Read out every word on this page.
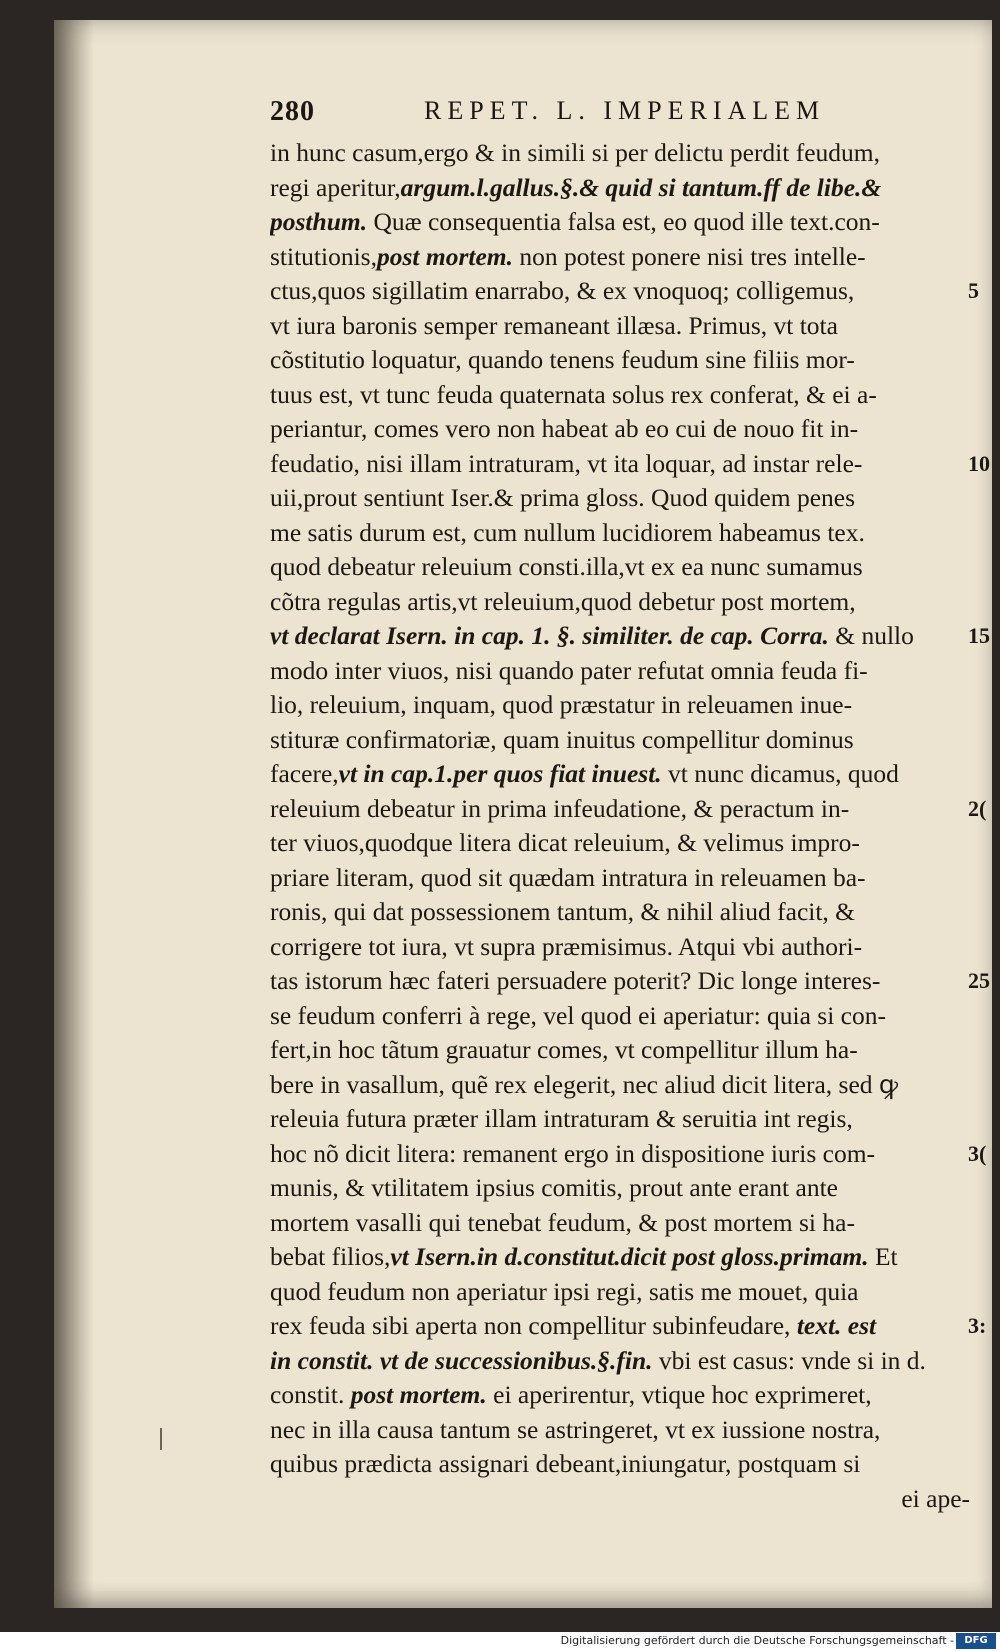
280	REPET. L. IMPERIALEM
in hunc casum,ergo & in simili si per delictu perdit feudum,
regi aperitur,argum.l.gallus.§.& quid si tantum.ff de libe.&
posthum. Quæ consequentia falsa est, eo quod ille text.con-
stitutionis,post mortem. non potest ponere nisi tres intelle-
ctus,quos sigillatim enarrabo, & ex vnoquoq; colligemus,
vt iura baronis semper remaneant illæsa. Primus, vt tota
cõstitutio loquatur, quando tenens feudum sine filiis mor-
tuus est, vt tunc feuda quaternata solus rex conferat, & ei a-
periantur, comes vero non habeat ab eo cui de nouo fit in-
feudatio, nisi illam intraturam, vt ita loquar, ad instar rele-
uii,prout sentiunt Iser.& prima gloss. Quod quidem penes
me satis durum est, cum nullum lucidiorem habeamus tex.
quod debeatur releuium consti.illa,vt ex ea nunc sumamus
cõtra regulas artis,vt releuium,quod debetur post mortem,
vt declarat Isern. in cap. 1. §. similiter. de cap. Corra. & nullo
modo inter viuos, nisi quando pater refutat omnia feuda fi-
lio, releuium, inquam, quod præstatur in releuamen inue-
stituræ confirmatoriæ, quam inuitus compellitur dominus
facere,vt in cap.1.per quos fiat inuest. vt nunc dicamus, quod
releuium debeatur in prima infeudatione, & peractum in-
ter viuos,quodque litera dicat releuium, & velimus impro-
priare literam, quod sit quædam intratura in releuamen ba-
ronis, qui dat possessionem tantum, & nihil aliud facit, &
corrigere tot iura, vt supra præmisimus. Atqui vbi authori-
tas istorum hæc fateri persuadere poterit? Dic longe interes-
se feudum conferri à rege, vel quod ei aperiatur: quia si con-
fert,in hoc tãtum grauatur comes, vt compellitur illum ha-
bere in vasallum, quẽ rex elegerit, nec aliud dicit litera, sed ꝙ
releuia futura præter illam intraturam & seruitia int regis,
hoc nõ dicit litera: remanent ergo in dispositione iuris com-
munis, & vtilitatem ipsius comitis, prout ante erant ante
mortem vasalli qui tenebat feudum, & post mortem si ha-
bebat filios,vt Isern.in d.constitut.dicit post gloss.primam. Et
quod feudum non aperiatur ipsi regi, satis me mouet, quia
rex feuda sibi aperta non compellitur subinfeudare, text. est
in constit. vt de successionibus.§.fin. vbi est casus: vnde si in d.
constit. post mortem. ei aperirentur, vtique hoc exprimeret,
nec in illa causa tantum se astringeret, vt ex iussione nostra,
quibus prædicta assignari debeant,iniungatur, postquam si
ei ape-
5
10
15
2(
25
3(
3:
Digitalisierung gefördert durch die Deutsche Forschungsgemeinschaft -	DFG
